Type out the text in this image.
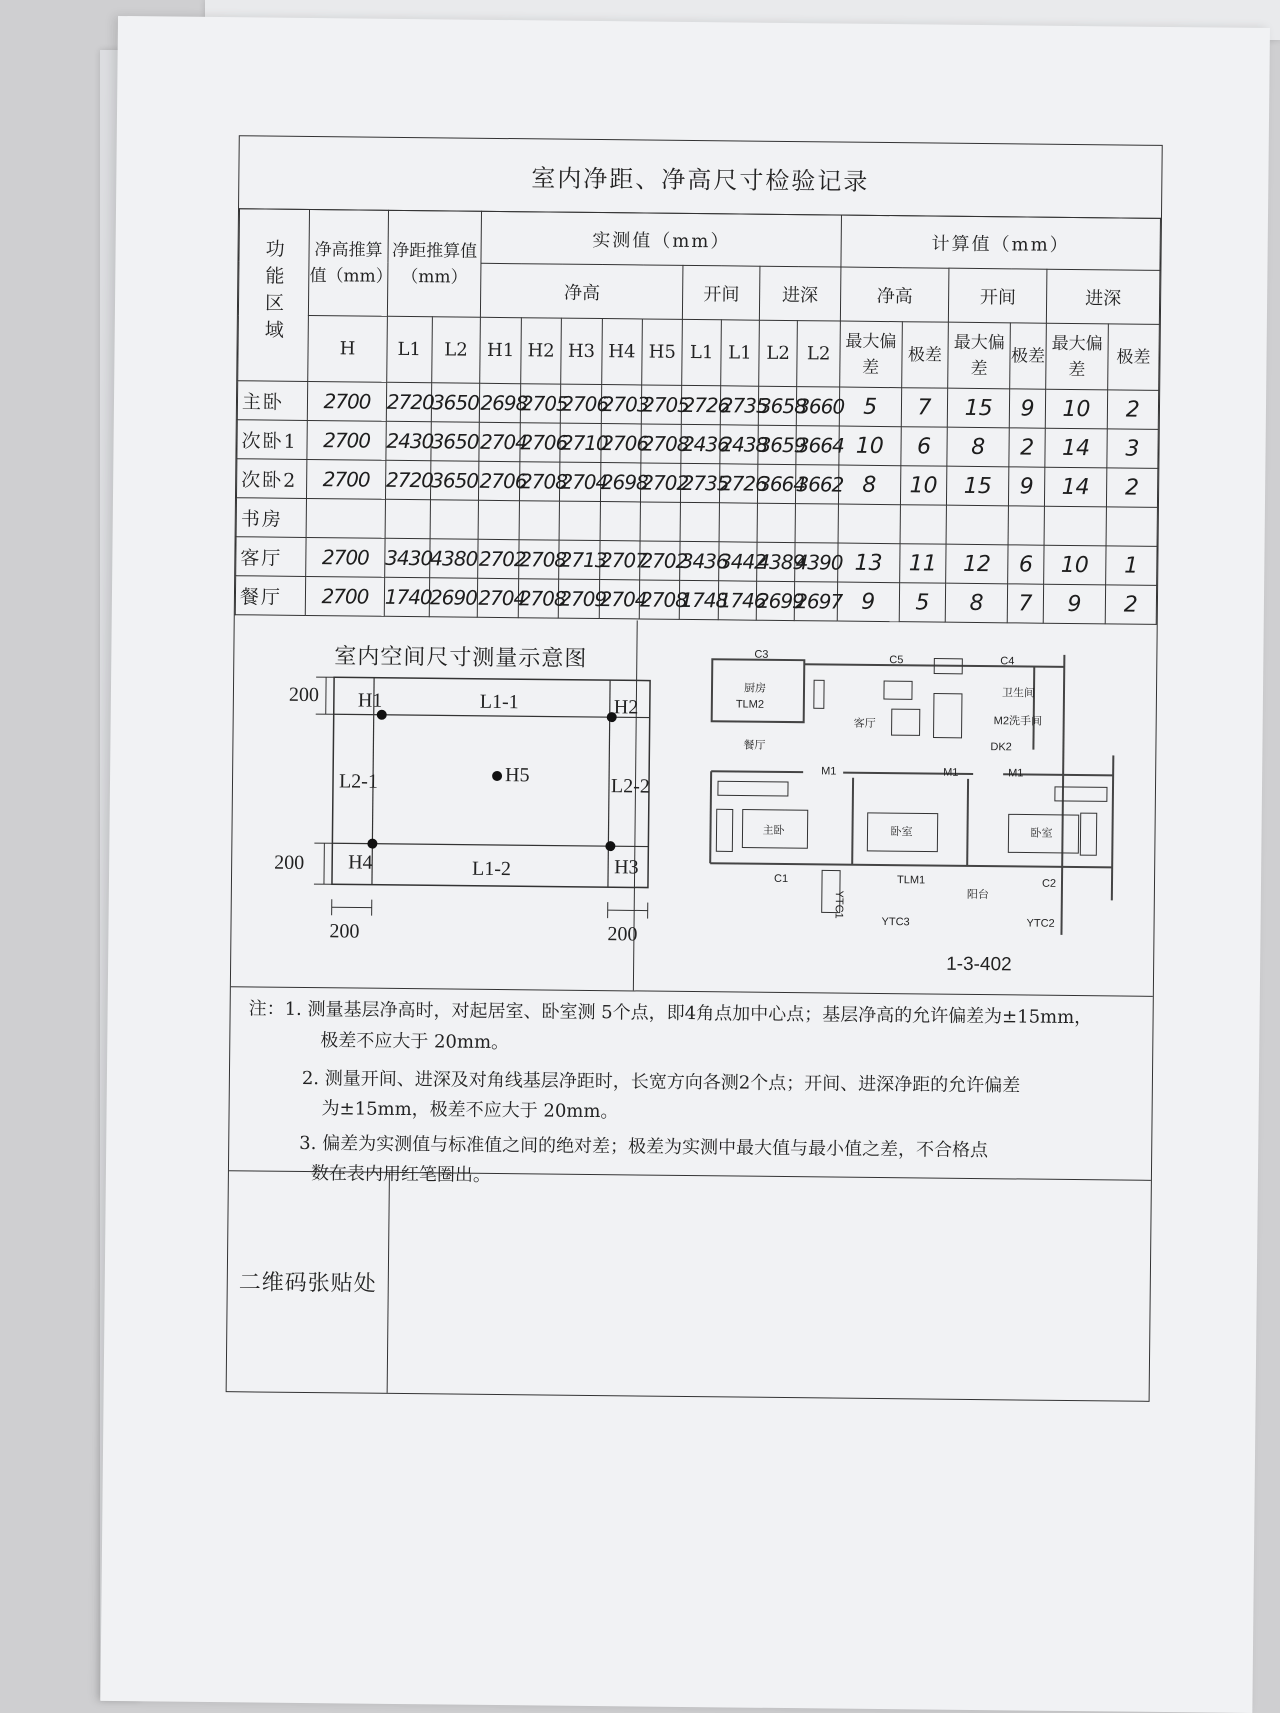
室内净距、净高尺寸检验记录
功能区域	净高推算值（mm）	净距推算值（mm）		实测值（mm）									计算值（mm）					
				净高					开间		进深		净高		开间		进深	
	H	L1	L2	H1	H2	H3	H4	H5	L1	L1	L2	L2	最大偏差	极差	最大偏差	极差	最大偏差	极差
主卧	2700	2720	3650	2698	2705	2706	2703	2705	2726	2735	3658	3660	5	7	15	9	10	2
次卧1	2700	2430	3650	2704	2706	2710	2706	2708	2436	2438	3659	3664	10	6	8	2	14	3
次卧2	2700	2720	3650	2706	2708	2704	2698	2702	2735	2726	3664	3662	8	10	15	9	14	2
书房																		
客厅	2700	3430	4380	2702	2708	2713	2707	2702	3436	3442	4389	4390	13	11	12	6	10	1
餐厅	2700	1740	2690	2704	2708	2709	2704	2708	1748	1746	2699	2697	9	5	8	7	9	2
室内空间尺寸测量示意图
200
200
200	200
H1	H2
H3
H4
H5
L1-1
L1-2
L2-1	L2-2
C3	C5	C4
厨房
TLM2
客厅
餐厅
卫生间
M2洗手间
DK2
M1	M1	M1
主卧	卧室	卧室
C1	TLM1	C2
阳台
YTC3	YTC2
YTC1
1-3-402
注：1. 测量基层净高时，对起居室、卧室测 5个点，即4角点加中心点；基层净高的允许偏差为±15mm，
极差不应大于 20mm。
2. 测量开间、进深及对角线基层净距时，长宽方向各测2个点；开间、进深净距的允许偏差
为±15mm，极差不应大于 20mm。
3. 偏差为实测值与标准值之间的绝对差；极差为实测中最大值与最小值之差，不合格点
数在表内用红笔圈出。
二维码张贴处
